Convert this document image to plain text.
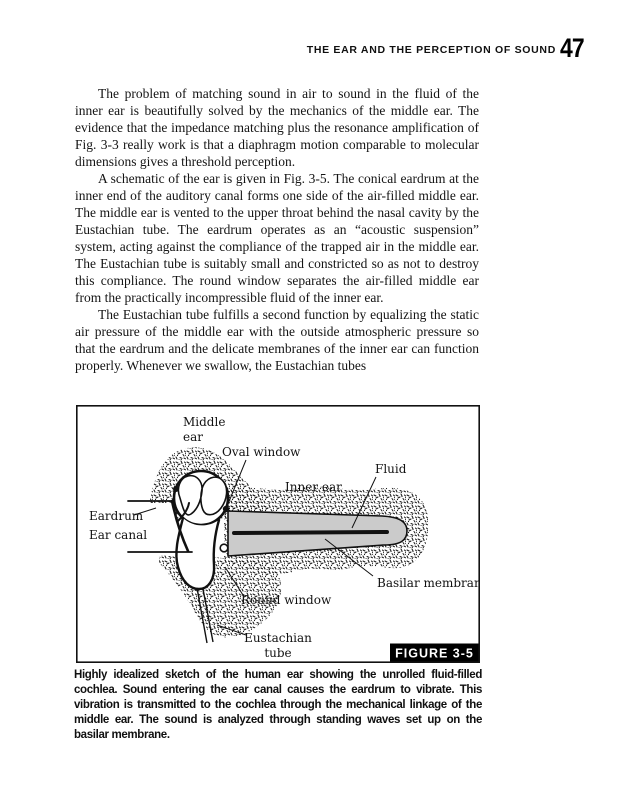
THE EAR AND THE PERCEPTION OF SOUND 47

The problem of matching sound in air to sound in the fluid of the inner ear is beautifully solved by the mechanics of the middle ear. The evidence that the impedance matching plus the resonance amplification of Fig. 3-3 really work is that a diaphragm motion comparable to molecular dimensions gives a threshold perception.

A schematic of the ear is given in Fig. 3-5. The conical eardrum at the inner end of the auditory canal forms one side of the air-filled middle ear. The middle ear is vented to the upper throat behind the nasal cavity by the Eustachian tube. The eardrum operates as an “acoustic suspension” system, acting against the compliance of the trapped air in the middle ear. The Eustachian tube is suitably small and constricted so as not to destroy this compliance. The round window separates the air-filled middle ear from the practically incompressible fluid of the inner ear.

The Eustachian tube fulfills a second function by equalizing the static air pressure of the middle ear with the outside atmospheric pressure so that the eardrum and the delicate membranes of the inner ear can function properly. Whenever we swallow, the Eustachian tubes

Middle
ear
Oval window
Inner ear
Fluid
Eardrum
Ear canal
Round window
Basilar membrane
Eustachian
tube	FIGURE 3-5
Highly idealized sketch of the human ear showing the unrolled fluid-filled cochlea. Sound entering the ear canal causes the eardrum to vibrate. This vibration is transmitted to the cochlea through the mechanical linkage of the middle ear. The sound is analyzed through standing waves set up on the basilar membrane.
